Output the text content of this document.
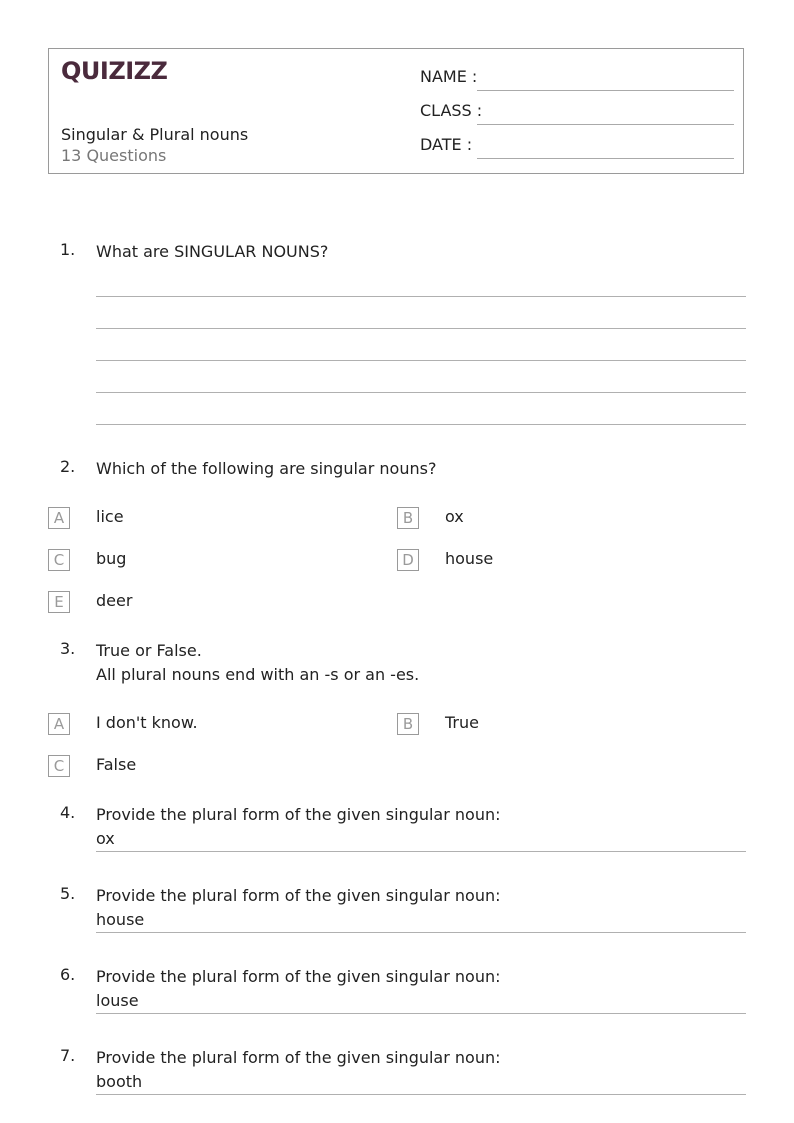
QUIZIZZ
Singular & Plural nouns
13 Questions
NAME :
CLASS :
DATE :
1. What are SINGULAR NOUNS?
2. Which of the following are singular nouns?
A	lice	B	ox
C	bug	D	house
E	deer
3. True or False.
All plural nouns end with an -s or an -es.
A	I don't know.	B	True
C	False
4. Provide the plural form of the given singular noun:
ox
5. Provide the plural form of the given singular noun:
house
6. Provide the plural form of the given singular noun:
louse
7. Provide the plural form of the given singular noun:
booth
